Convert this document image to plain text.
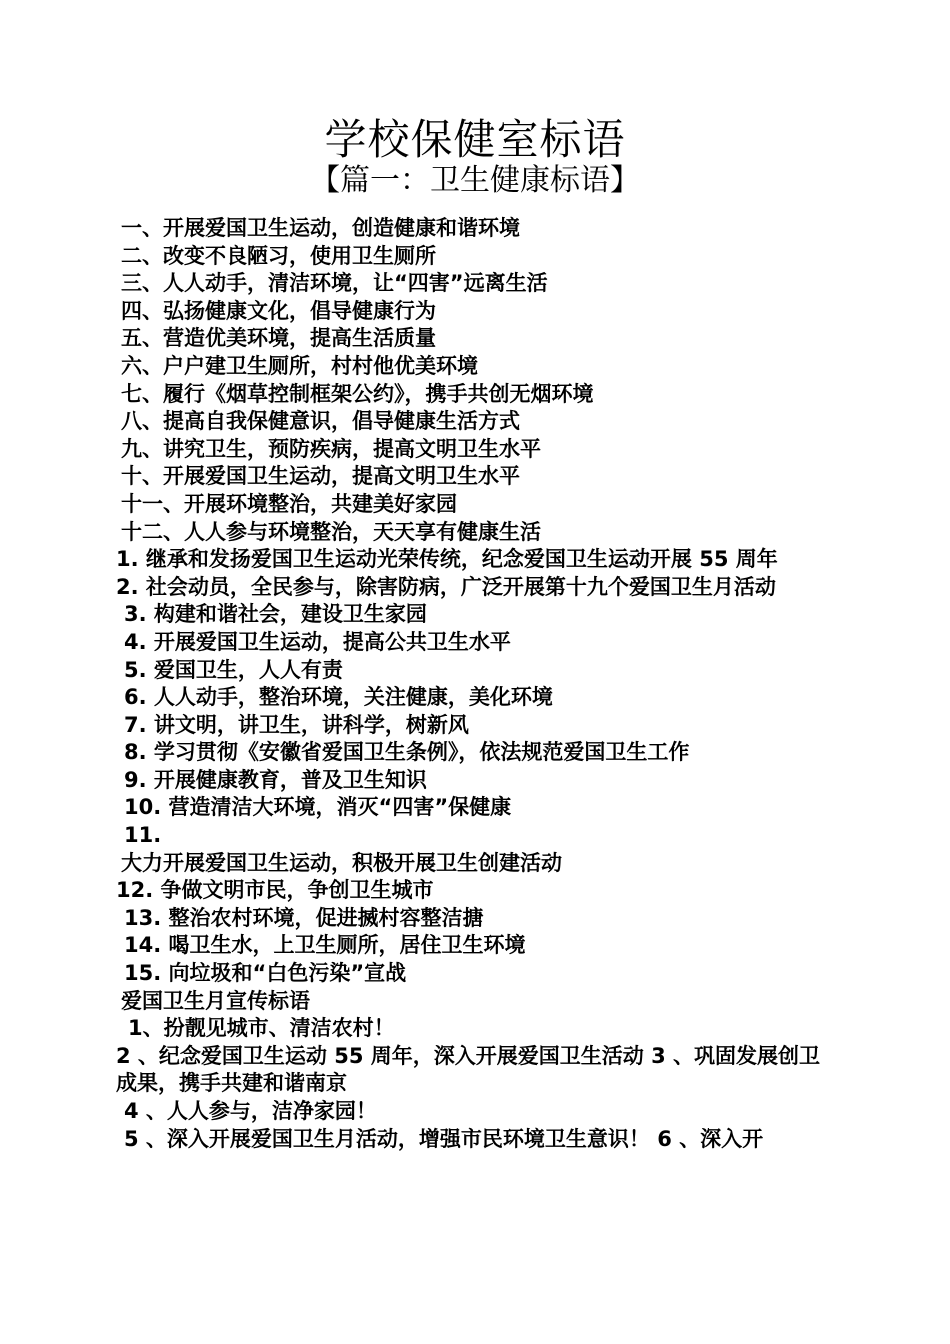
学校保健室标语
【篇一：卫生健康标语】
一、开展爱国卫生运动，创造健康和谐环境
二、改变不良陋习，使用卫生厕所
三、人人动手，清洁环境，让“四害”远离生活
四、弘扬健康文化，倡导健康行为
五、营造优美环境，提高生活质量
六、户户建卫生厕所，村村他优美环境
七、履行《烟草控制框架公约》，携手共创无烟环境
八、提高自我保健意识，倡导健康生活方式
九、讲究卫生，预防疾病，提高文明卫生水平
十、开展爱国卫生运动，提高文明卫生水平
十一、开展环境整治，共建美好家园
十二、人人参与环境整治，天天享有健康生活
1. 继承和发扬爱国卫生运动光荣传统，纪念爱国卫生运动开展 55 周年
2. 社会动员，全民参与，除害防病，广泛开展第十九个爱国卫生月活动
3. 构建和谐社会，建设卫生家园
4. 开展爱国卫生运动，提高公共卫生水平
5. 爱国卫生，人人有责
6. 人人动手，整治环境，关注健康，美化环境
7. 讲文明，讲卫生，讲科学，树新风
8. 学习贯彻《安徽省爱国卫生条例》，依法规范爱国卫生工作
9. 开展健康教育，普及卫生知识
10. 营造清洁大环境，消灭“四害”保健康
11.
大力开展爱国卫生运动，积极开展卫生创建活动
12. 争做文明市民，争创卫生城市
13. 整治农村环境，促进搣村容整洁搪
14. 喝卫生水，上卫生厕所，居住卫生环境
15. 向垃圾和“白色污染”宣战
爱国卫生月宣传标语
1、扮靓见城市、清洁农村！
2 、纪念爱国卫生运动 55 周年，深入开展爱国卫生活动 3 、巩固发展创卫成果，携手共建和谐南京
4 、人人参与，洁净家园！
5 、深入开展爱国卫生月活动，增强市民环境卫生意识！ 6 、深入开
